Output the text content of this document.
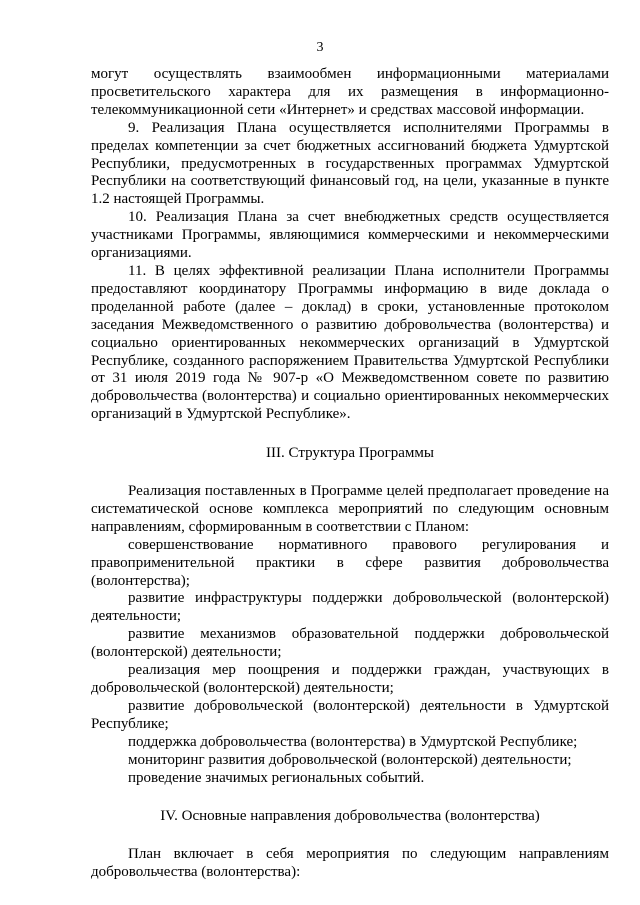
3

могут осуществлять взаимообмен информационными материалами просветительского характера для их размещения в информационно-телекоммуникационной сети «Интернет» и средствах массовой информации.

9. Реализация Плана осуществляется исполнителями Программы в пределах компетенции за счет бюджетных ассигнований бюджета Удмуртской Республики, предусмотренных в государственных программах Удмуртской Республики на соответствующий финансовый год, на цели, указанные в пункте 1.2 настоящей Программы.

10. Реализация Плана за счет внебюджетных средств осуществляется участниками Программы, являющимися коммерческими и некоммерческими организациями.

11. В целях эффективной реализации Плана исполнители Программы предоставляют координатору Программы информацию в виде доклада о проделанной работе (далее – доклад) в сроки, установленные протоколом заседания Межведомственного о развитию добровольчества (волонтерства) и социально ориентированных некоммерческих организаций в Удмуртской Республике, созданного распоряжением Правительства Удмуртской Республики от 31 июля 2019 года № 907-р «О Межведомственном совете по развитию добровольчества (волонтерства) и социально ориентированных некоммерческих организаций в Удмуртской Республике».

III. Структура Программы

Реализация поставленных в Программе целей предполагает проведение на систематической основе комплекса мероприятий по следующим основным направлениям, сформированным в соответствии с Планом:

совершенствование нормативного правового регулирования и правоприменительной практики в сфере развития добровольчества (волонтерства);

развитие инфраструктуры поддержки добровольческой (волонтерской) деятельности;

развитие механизмов образовательной поддержки добровольческой (волонтерской) деятельности;

реализация мер поощрения и поддержки граждан, участвующих в добровольческой (волонтерской) деятельности;

развитие добровольческой (волонтерской) деятельности в Удмуртской Республике;

поддержка добровольчества (волонтерства) в Удмуртской Республике;

мониторинг развития добровольческой (волонтерской) деятельности;

проведение значимых региональных событий.

IV. Основные направления добровольчества (волонтерства)

План включает в себя мероприятия по следующим направлениям добровольчества (волонтерства):
